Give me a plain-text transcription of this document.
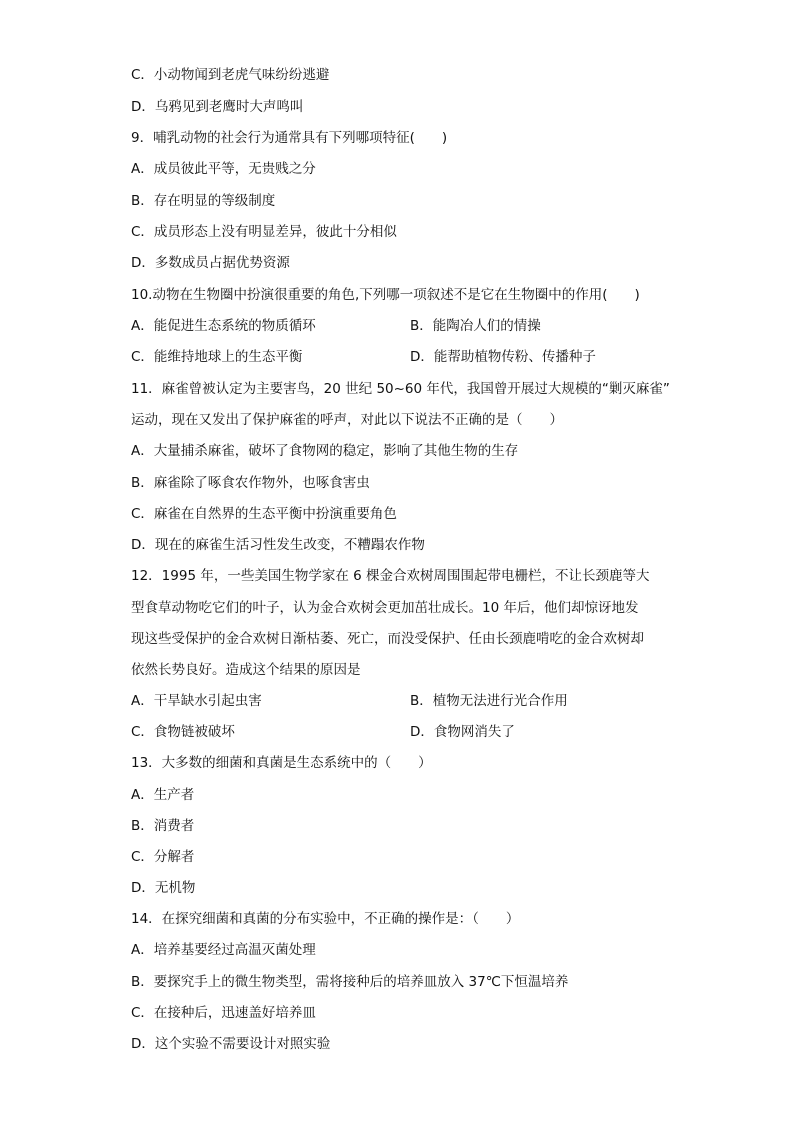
C．小动物闻到老虎气味纷纷逃避
D．乌鸦见到老鹰时大声鸣叫
9．哺乳动物的社会行为通常具有下列哪项特征(　　)
A．成员彼此平等，无贵贱之分
B．存在明显的等级制度
C．成员形态上没有明显差异，彼此十分相似
D．多数成员占据优势资源
10.动物在生物圈中扮演很重要的角色,下列哪一项叙述不是它在生物圈中的作用(　　)
A．能促进生态系统的物质循环	B．能陶冶人们的情操
C．能维持地球上的生态平衡	D．能帮助植物传粉、传播种子
11．麻雀曾被认定为主要害鸟，20 世纪 50~60 年代，我国曾开展过大规模的“剿灭麻雀”
运动，现在又发出了保护麻雀的呼声，对此以下说法不正确的是（　　）
A．大量捕杀麻雀，破坏了食物网的稳定，影响了其他生物的生存
B．麻雀除了啄食农作物外，也啄食害虫
C．麻雀在自然界的生态平衡中扮演重要角色
D．现在的麻雀生活习性发生改变，不糟蹋农作物
12．1995 年，一些美国生物学家在 6 棵金合欢树周围围起带电栅栏，不让长颈鹿等大
型食草动物吃它们的叶子，认为金合欢树会更加茁壮成长。10 年后，他们却惊讶地发
现这些受保护的金合欢树日渐枯萎、死亡，而没受保护、任由长颈鹿啃吃的金合欢树却
依然长势良好。造成这个结果的原因是
A．干旱缺水引起虫害	B．植物无法进行光合作用
C．食物链被破坏	D．食物网消失了
13．大多数的细菌和真菌是生态系统中的（　　）
A．生产者
B．消费者
C．分解者
D．无机物
14．在探究细菌和真菌的分布实验中，不正确的操作是：（　　）
A．培养基要经过高温灭菌处理
B．要探究手上的微生物类型，需将接种后的培养皿放入 37℃下恒温培养
C．在接种后，迅速盖好培养皿
D．这个实验不需要设计对照实验
